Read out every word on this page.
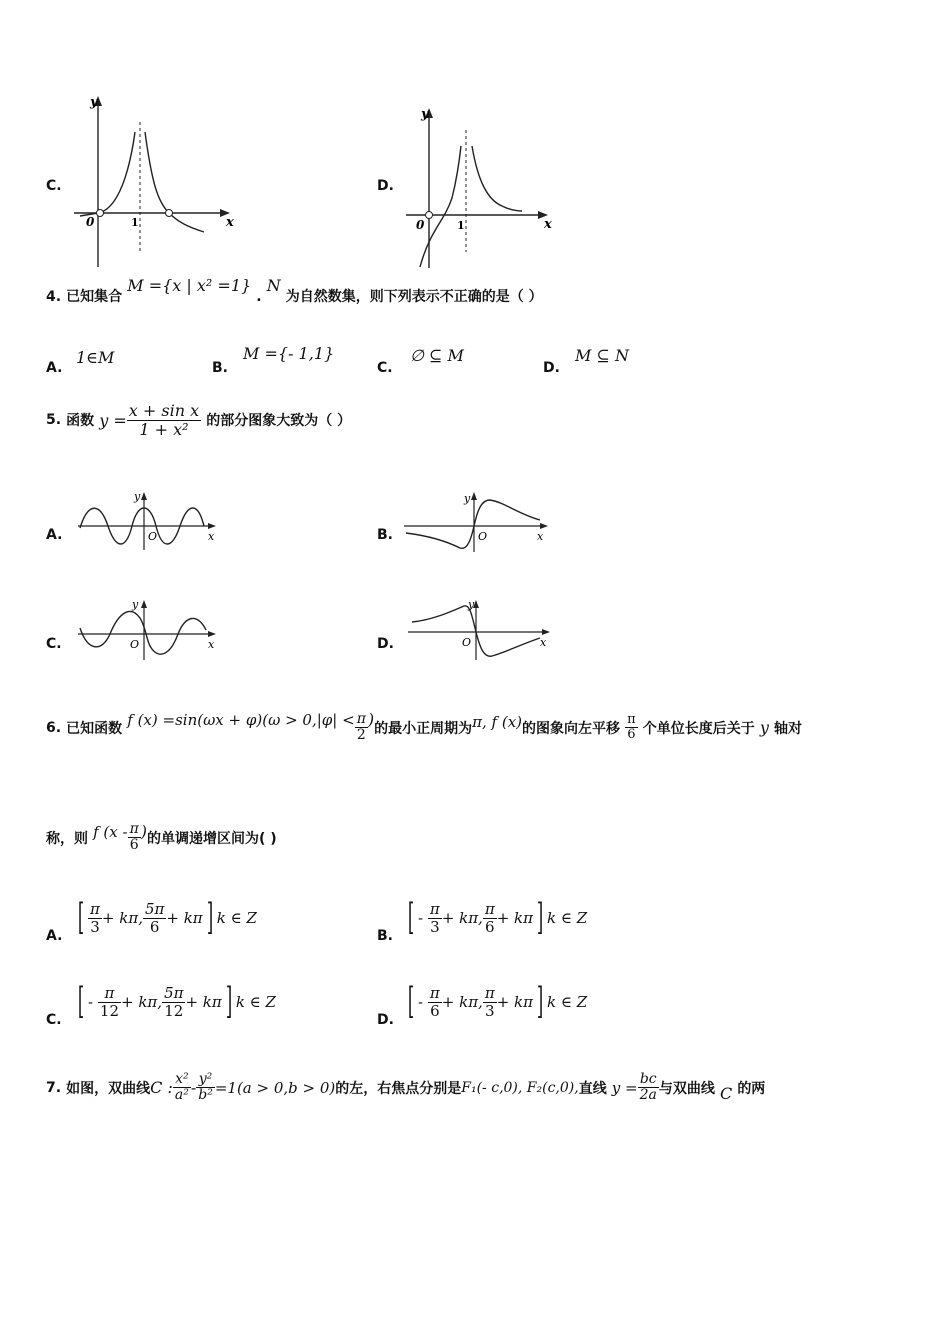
C.
y
x
0	1
D.
y
x
0	1
4. 已知集合 M ={x | x² =1} . N 为自然数集，则下列表示不正确的是（ ）
A.
1∈M
B.
M ={- 1,1}
C.
∅ ⊆ M
D.
M ⊆ N
5.
函数
$y = \frac{\text{x + sin x}}{\text{1 + x²}}$
的部分图象大致为（ ）
A.
y
x
O	B.
y
x
O
C.
y
x
O	D.
y
x
O
6.
已知函数
f $(x) =\sin(\omega x + \varphi)(\omega > 0,|\varphi| < \frac{\pi}{2}$ ) 的最小正周期为 π, f (x) 的图象向左平移
$\frac{\pi}{6}$
个单位长度后关于
y
轴对
称，则
f ($x - \frac{\pi}{6}$ ) 的单调递增区间为( )
A. [ $\frac{\pi}{3} + k\pi$, $\frac{5\pi}{6} + k\pi$ ] k ∈ Z
B. [ -
$\frac{\pi}{3} + k\pi$, $\frac{\pi}{6} + k\pi$ ] k ∈ Z
C. [ -
$\frac{\pi}{12} + k\pi$, $\frac{5\pi}{12} + k\pi$ ] k ∈ Z
D. [ -
$\frac{\pi}{6} + k\pi$, $\frac{\pi}{3} + k\pi$ ] k ∈ Z
7.
如图，双曲线 C : $\frac{\text{x²}}{\text{a²}} - \frac{\text{y²}}{\text{b²}} =1(a > 0,b > 0)$ 的左，右焦点分别是 F₁(- c,0), F₂(c,0), 直线
$y = \frac{bc}{2a}$ 与双曲线
C
的两
